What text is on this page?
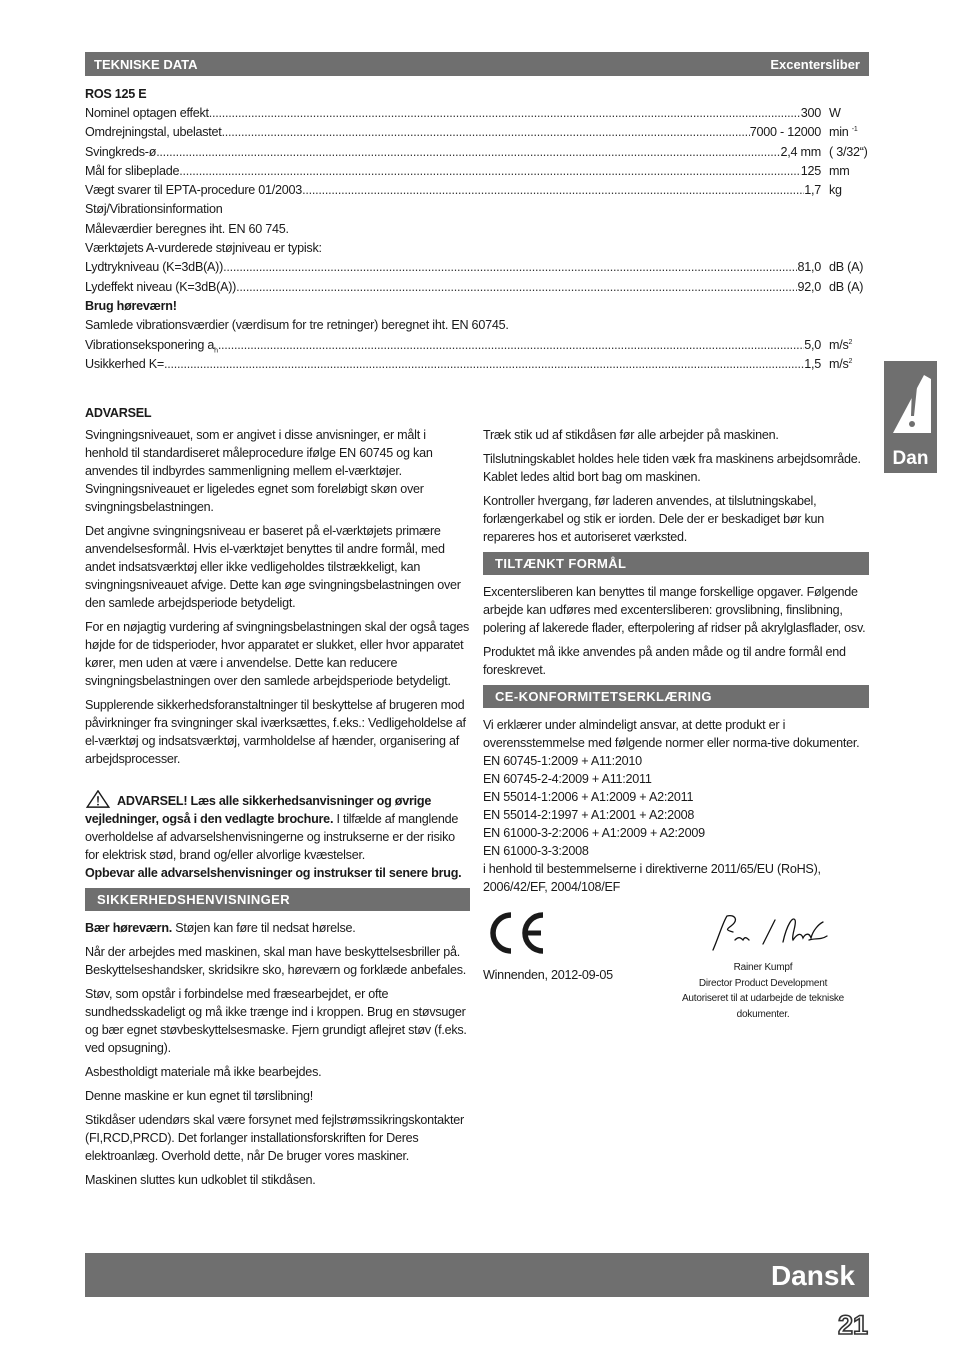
TEKNISKE DATA	Excentersliber
ROS 125 E
Nominel optagen effekt .....	300 W
Omdrejningstal, ubelastet .....	7000 - 12000 min $^{-1}$
Svingkreds-ø .....	2,4 mm ( 3/32“)
Mål for slibeplade .....	125 mm
Vægt svarer til EPTA-procedure 01/2003 .....	1,7 kg
Støj/Vibrationsinformation
Måleværdier beregnes iht. EN 60 745.
Værktøjets A-vurderede støjniveau er typisk:
Lydtrykniveau (K=3dB(A)) .....	81,0 dB (A)
Lydeffekt niveau (K=3dB(A)) .....	92,0 dB (A)
Brug høreværn!
Samlede vibrationsværdier (værdisum for tre retninger) beregnet iht. EN 60745.
Vibrationseksponering $a_h$ .....	5,0 $m/s^2$
Usikkerhed K= .....	1,5 $m/s^2$
Dan
ADVARSEL

Svingningsniveauet, som er angivet i disse anvisninger, er målt i henhold til standardiseret måleprocedure ifølge EN 60745 og kan anvendes til indbyrdes sammenligning mellem el-værktøjer. Svingningsniveauet er ligeledes egnet som foreløbigt skøn over svingningsbelastningen.

Det angivne svingningsniveau er baseret på el-værktøjets primære anvendelsesformål. Hvis el-værktøjet benyttes til andre formål, med andet indsatsværktøj eller ikke vedligeholdes tilstrækkeligt, kan svingningsniveauet afvige. Dette kan øge svingningsbelastningen over den samlede arbejdsperiode betydeligt.

For en nøjagtig vurdering af svingningsbelastningen skal der også tages højde for de tidsperioder, hvor apparatet er slukket, eller hvor apparatet kører, men uden at være i anvendelse. Dette kan reducere svingningsbelastningen over den samlede arbejdsperiode betydeligt.

Supplerende sikkerhedsforanstaltninger til beskyttelse af brugeren mod påvirkninger fra svingninger skal iværksættes, f.eks.: Vedligeholdelse af el-værktøj og indsatsværktøj, varmholdelse af hænder, organisering af arbejdsprocesser.

ADVARSEL! Læs alle sikkerhedsanvisninger og øvrige vejledninger, også i den vedlagte brochure. I tilfælde af manglende overholdelse af advarselshenvisningerne og instrukserne er der risiko for elektrisk stød, brand og/eller alvorlige kvæstelser.
Opbevar alle advarselshenvisninger og instrukser til senere brug.

SIKKERHEDSHENVISNINGER

Bær høreværn. Støjen kan føre til nedsat hørelse.

Når der arbejdes med maskinen, skal man have beskyttelsesbriller på. Beskyttelseshandsker, skridsikre sko, høreværn og forklæde anbefales.

Støv, som opstår i forbindelse med fræsearbejdet, er ofte sundhedsskadeligt og må ikke trænge ind i kroppen. Brug en støvsuger og bær egnet støvbeskyttelsesmaske. Fjern grundigt aflejret støv (f.eks. ved opsugning).

Asbestholdigt materiale må ikke bearbejdes.

Denne maskine er kun egnet til tørslibning!

Stikdåser udendørs skal være forsynet med fejlstrømssikringskontakter (FI,RCD,PRCD). Det forlanger installationsforskriften for Deres elektroanlæg. Overhold dette, når De bruger vores maskiner.

Maskinen sluttes kun udkoblet til stikdåsen.

Træk stik ud af stikdåsen før alle arbejder på maskinen.

Tilslutningskablet holdes hele tiden væk fra maskinens arbejdsområde. Kablet ledes altid bort bag om maskinen.

Kontroller hvergang, før laderen anvendes, at tilslutningskabel, forlængerkabel og stik er iorden. Dele der er beskadiget bør kun repareres hos et autoriseret værksted.

TILTÆNKT FORMÅL

Excentersliberen kan benyttes til mange forskellige opgaver. Følgende arbejde kan udføres med excentersliberen: grovslibning, finslibning, polering af lakerede flader, efterpolering af ridser på akrylglasflader, osv.

Produktet må ikke anvendes på anden måde og til andre formål end foreskrevet.

CE-KONFORMITETSERKLÆRING
Vi erklærer under almindeligt ansvar, at dette produkt er i overensstemmelse med følgende normer eller norma-tive dokumenter.
EN 60745-1:2009 + A11:2010
EN 60745-2-4:2009 + A11:2011
EN 55014-1:2006 + A1:2009 + A2:2011
EN 55014-2:1997 + A1:2001 + A2:2008
EN 61000-3-2:2006 + A1:2009 + A2:2009
EN 61000-3-3:2008
i henhold til bestemmelserne i direktiverne 2011/65/EU (RoHS), 2006/42/EF, 2004/108/EF
Winnenden, 2012-09-05
Rainer Kumpf
Director Product Development
Autoriseret til at udarbejde de tekniske dokumenter.
Dansk
21
